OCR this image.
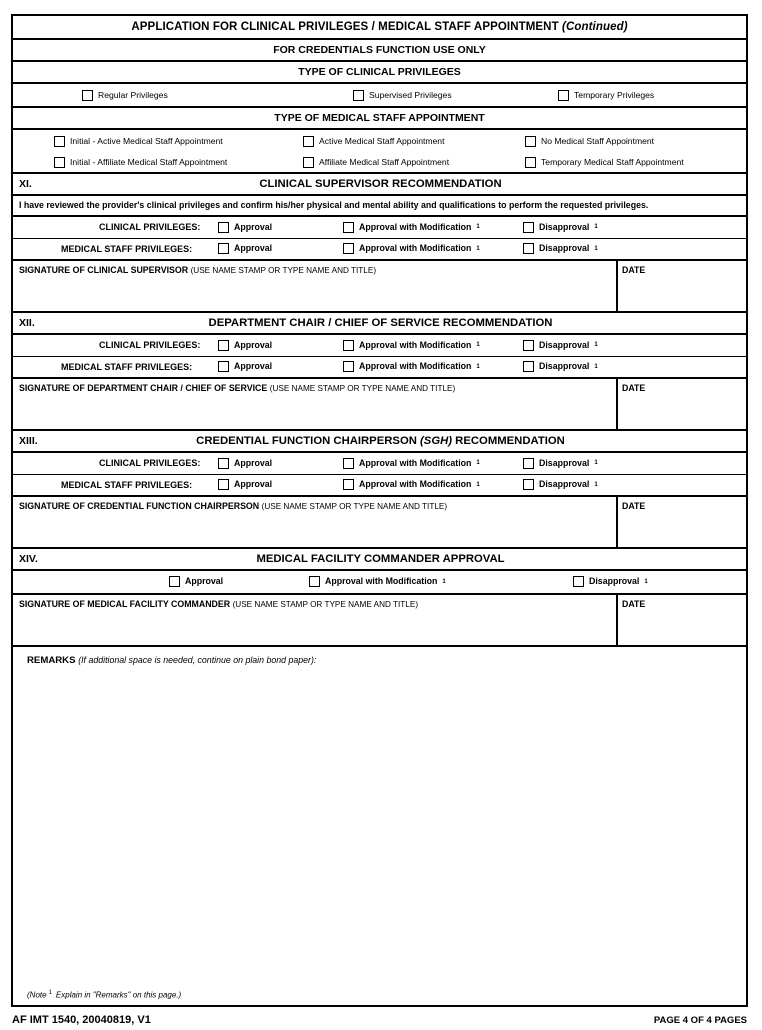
APPLICATION FOR CLINICAL PRIVILEGES / MEDICAL STAFF APPOINTMENT (Continued)
FOR CREDENTIALS FUNCTION USE ONLY
TYPE OF CLINICAL PRIVILEGES
Regular Privileges	Supervised Privileges	Temporary Privileges
TYPE OF MEDICAL STAFF APPOINTMENT
Initial - Active Medical Staff Appointment	Active Medical Staff Appointment	No Medical Staff Appointment
Initial - Affiliate Medical Staff Appointment	Affiliate Medical Staff Appointment	Temporary Medical Staff Appointment
XI.	CLINICAL SUPERVISOR RECOMMENDATION
I have reviewed the provider's clinical privileges and confirm his/her physical and mental ability and qualifications to perform the requested privileges.
CLINICAL PRIVILEGES:	Approval	Approval with Modification 1	Disapproval 1
MEDICAL STAFF PRIVILEGES:	Approval	Approval with Modification 1	Disapproval 1
SIGNATURE OF CLINICAL SUPERVISOR (USE NAME STAMP OR TYPE NAME AND TITLE)	DATE
XII.	DEPARTMENT CHAIR / CHIEF OF SERVICE RECOMMENDATION
CLINICAL PRIVILEGES:	Approval	Approval with Modification 1	Disapproval 1
MEDICAL STAFF PRIVILEGES:	Approval	Approval with Modification 1	Disapproval 1
SIGNATURE OF DEPARTMENT CHAIR / CHIEF OF SERVICE (USE NAME STAMP OR TYPE NAME AND TITLE)	DATE
XIII.	CREDENTIAL FUNCTION CHAIRPERSON (SGH) RECOMMENDATION
CLINICAL PRIVILEGES:	Approval	Approval with Modification 1	Disapproval 1
MEDICAL STAFF PRIVILEGES:	Approval	Approval with Modification 1	Disapproval 1
SIGNATURE OF CREDENTIAL FUNCTION CHAIRPERSON (USE NAME STAMP OR TYPE NAME AND TITLE)	DATE
XIV.	MEDICAL FACILITY COMMANDER APPROVAL
Approval	Approval with Modification 1	Disapproval 1
SIGNATURE OF MEDICAL FACILITY COMMANDER (USE NAME STAMP OR TYPE NAME AND TITLE)	DATE
REMARKS (If additional space is needed, continue on plain bond paper):
(Note $^1$ Explain in "Remarks" on this page.)
AF IMT 1540, 20040819, V1	PAGE 4 OF 4 PAGES
